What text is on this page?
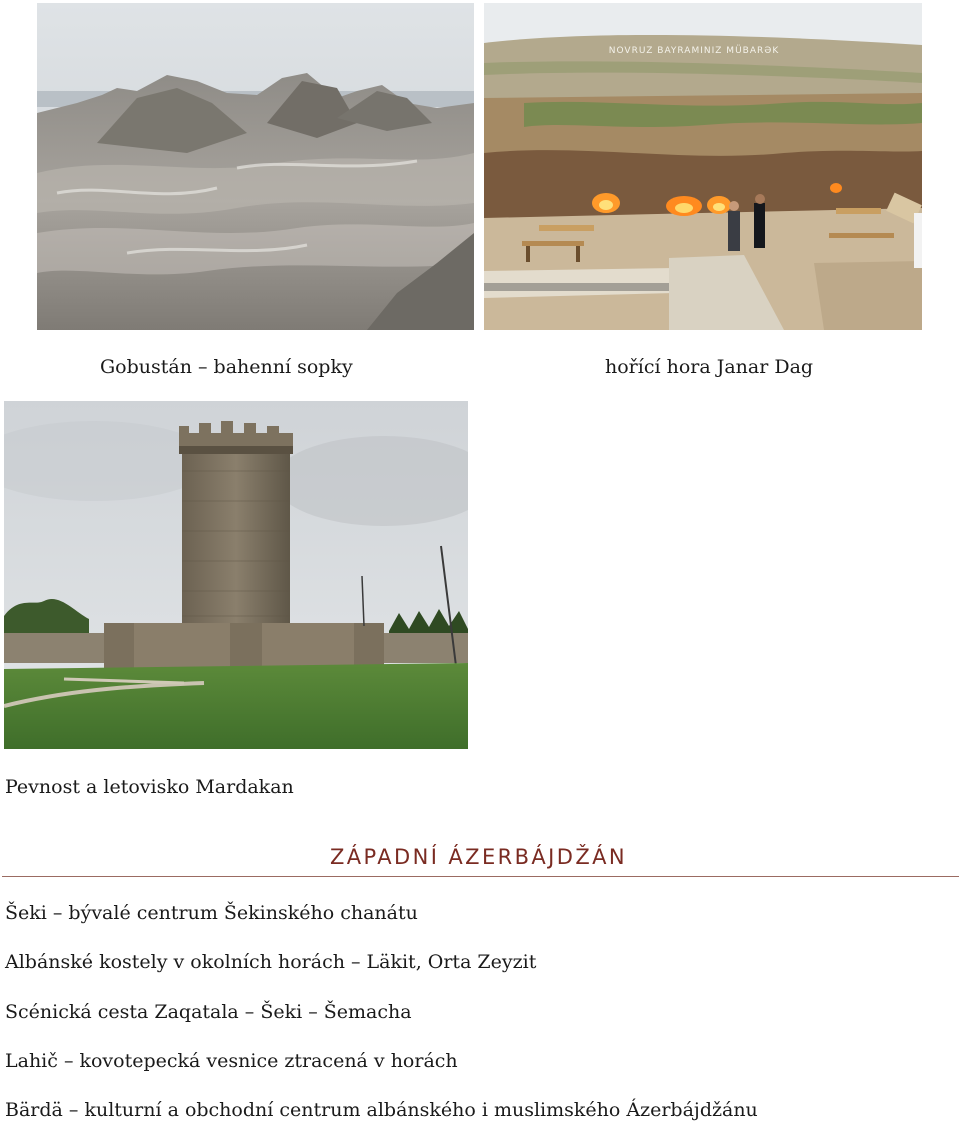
NOVRUZ BAYRAMINIZ MÜBARƏK
Gobustán – bahenní sopky	hořící hora Janar Dag
Pevnost a letovisko Mardakan
ZÁPADNÍ ÁZERBÁJDŽÁN
Šeki – bývalé centrum Šekinského chanátu
Albánské kostely v okolních horách – Läkit, Orta Zeyzit
Scénická cesta Zaqatala – Šeki – Šemacha
Lahič – kovotepecká vesnice ztracená v horách
Bärdä – kulturní a obchodní centrum albánského i muslimského Ázerbájdžánu
